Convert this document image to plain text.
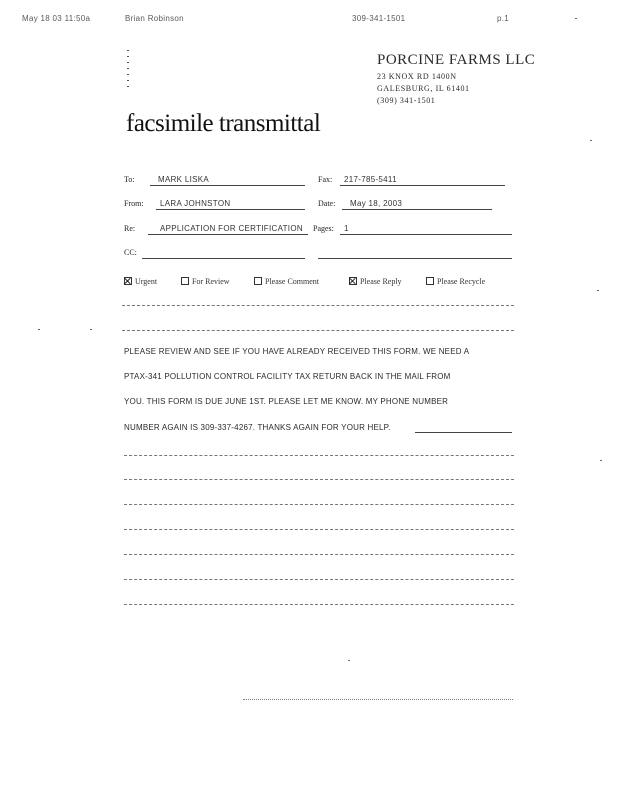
May 18 03 11:50a	Brian Robinson	309-341-1501	p.1
PORCINE FARMS LLC
23 KNOX RD 1400N
GALESBURG, IL 61401
(309) 341-1501
facsimile transmittal
To:	MARK LISKA	Fax: 217-785-5411
From: LARA JOHNSTON	Date: May 18, 2003
Re:	APPLICATION FOR CERTIFICATION Pages: 1
CC:
Urgent	For Review	Please Comment	Please Reply	Please Recycle
PLEASE REVIEW AND SEE IF YOU HAVE ALREADY RECEIVED THIS FORM. WE NEED A
PTAX-341 POLLUTION CONTROL FACILITY TAX RETURN BACK IN THE MAIL FROM
YOU. THIS FORM IS DUE JUNE 1ST. PLEASE LET ME KNOW. MY PHONE NUMBER
NUMBER AGAIN IS 309-337-4267. THANKS AGAIN FOR YOUR HELP.
